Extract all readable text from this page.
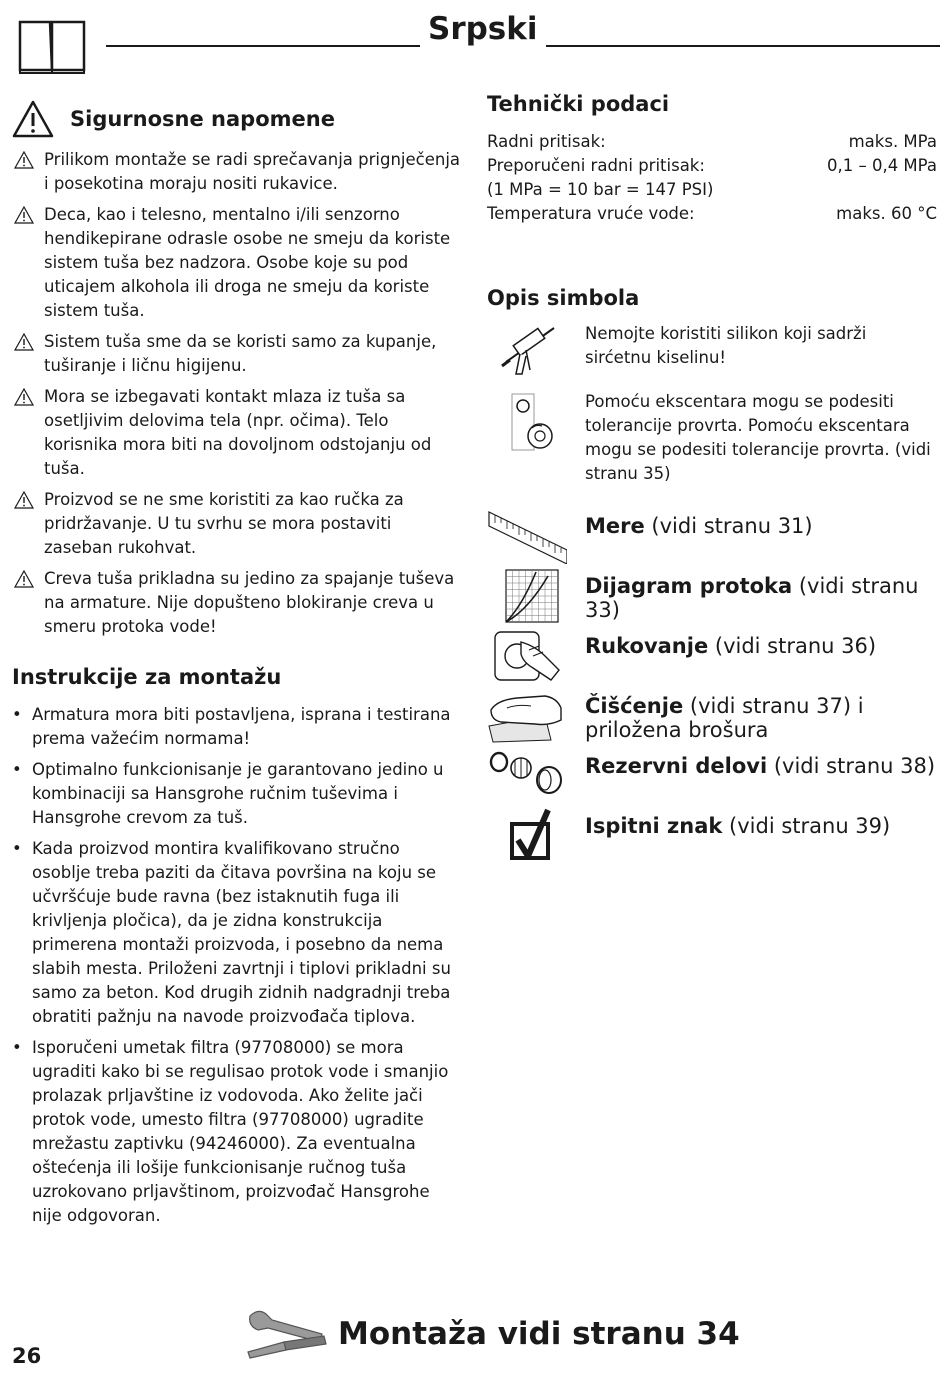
Srpski
Sigurnosne napomene
Prilikom montaže se radi sprečavanja prignječenja i posekotina moraju nositi rukavice.
Deca, kao i telesno, mentalno i/ili senzorno hendikepirane odrasle osobe ne smeju da koriste sistem tuša bez nadzora. Osobe koje su pod uticajem alkohola ili droga ne smeju da koriste sistem tuša.
Sistem tuša sme da se koristi samo za kupanje, tuširanje i ličnu higijenu.
Mora se izbegavati kontakt mlaza iz tuša sa osetljivim delovima tela (npr. očima). Telo korisnika mora biti na dovoljnom odstojanju od tuša.
Proizvod se ne sme koristiti za kao ručka za pridržavanje. U tu svrhu se mora postaviti zaseban rukohvat.
Creva tuša prikladna su jedino za spajanje tuševa na armature. Nije dopušteno blokiranje creva u smeru protoka vode!
Instrukcije za montažu
• Armatura mora biti postavljena, isprana i testirana prema važećim normama!
• Optimalno funkcionisanje je garantovano jedino u kombinaciji sa Hansgrohe ručnim tuševima i Hansgrohe crevom za tuš.
• Kada proizvod montira kvalifikovano stručno osoblje treba paziti da čitava površina na koju se učvršćuje bude ravna (bez istaknutih fuga ili krivljenja pločica), da je zidna konstrukcija primerena montaži proizvoda, i posebno da nema slabih mesta. Priloženi zavrtnji i tiplovi prikladni su samo za beton. Kod drugih zidnih nadgradnji treba obratiti pažnju na navode proizvođača tiplova.
• Isporučeni umetak filtra (97708000) se mora ugraditi kako bi se regulisao protok vode i smanjio prolazak prljavštine iz vodovoda. Ako želite jači protok vode, umesto filtra (97708000) ugradite mrežastu zaptivku (94246000). Za eventualna oštećenja ili lošije funkcionisanje ručnog tuša uzrokovano prljavštinom, proizvođač Hansgrohe nije odgovoran.
Tehnički podaci
Radni pritisak:	maks. MPa
Preporučeni radni pritisak:	0,1 – 0,4 MPa
(1 MPa = 10 bar = 147 PSI)
Temperatura vruće vode:	maks. 60 °C
Opis simbola
Nemojte koristiti silikon koji sadrži sirćetnu kiselinu!
Pomoću ekscentara mogu se podesiti tolerancije provrta. Pomoću ekscentara mogu se podesiti tolerancije provrta. (vidi stranu 35)
Mere (vidi stranu 31)
Dijagram protoka (vidi stranu 33)
Rukovanje (vidi stranu 36)
Čišćenje (vidi stranu 37) i priložena brošura
Rezervni delovi (vidi stranu 38)
Ispitni znak (vidi stranu 39)
26
Montaža vidi stranu 34
